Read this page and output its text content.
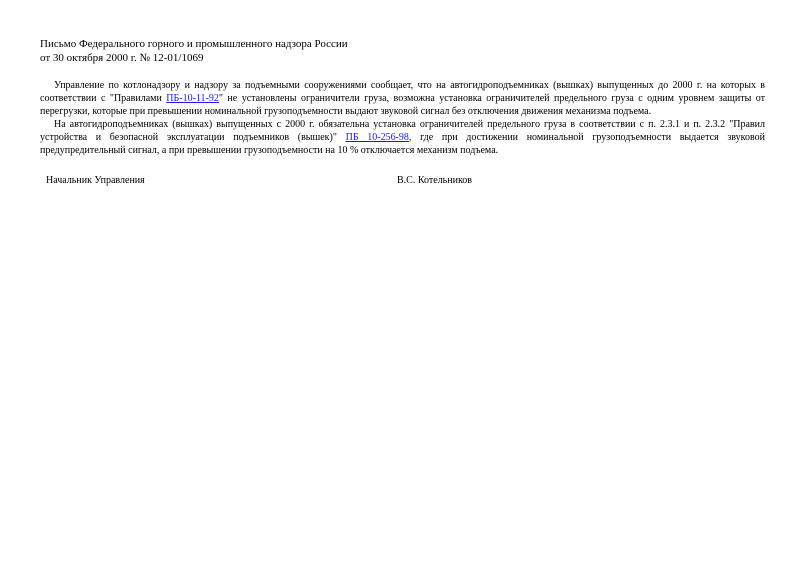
Письмо Федерального горного и промышленного надзора России
от 30 октября 2000 г. № 12-01/1069

Управление по котлонадзору и надзору за подъемными сооружениями сообщает, что на автогидроподъемниках (вышках) выпущенных до 2000 г. на которых в соответствии с "Правилами ПБ-10-11-92" не установлены ограничители груза, возможна установка ограничителей предельного груза с одним уровнем защиты от перегрузки, которые при превышении номинальной грузоподъемности выдают звуковой сигнал без отключения движения механизма подъема.

На автогидроподъемниках (вышках) выпущенных с 2000 г. обязательна установка ограничителей предельного груза в соответствии с п. 2.3.1 и п. 2.3.2 "Правил устройства и безопасной эксплуатации подъемников (вышек)" ПБ 10-256-98, где при достижении номинальной грузоподъемности выдается звуковой предупредительный сигнал, а при превышении грузоподъемности на 10 % отключается механизм подъема.

Начальник Управления	В.С. Котельников
